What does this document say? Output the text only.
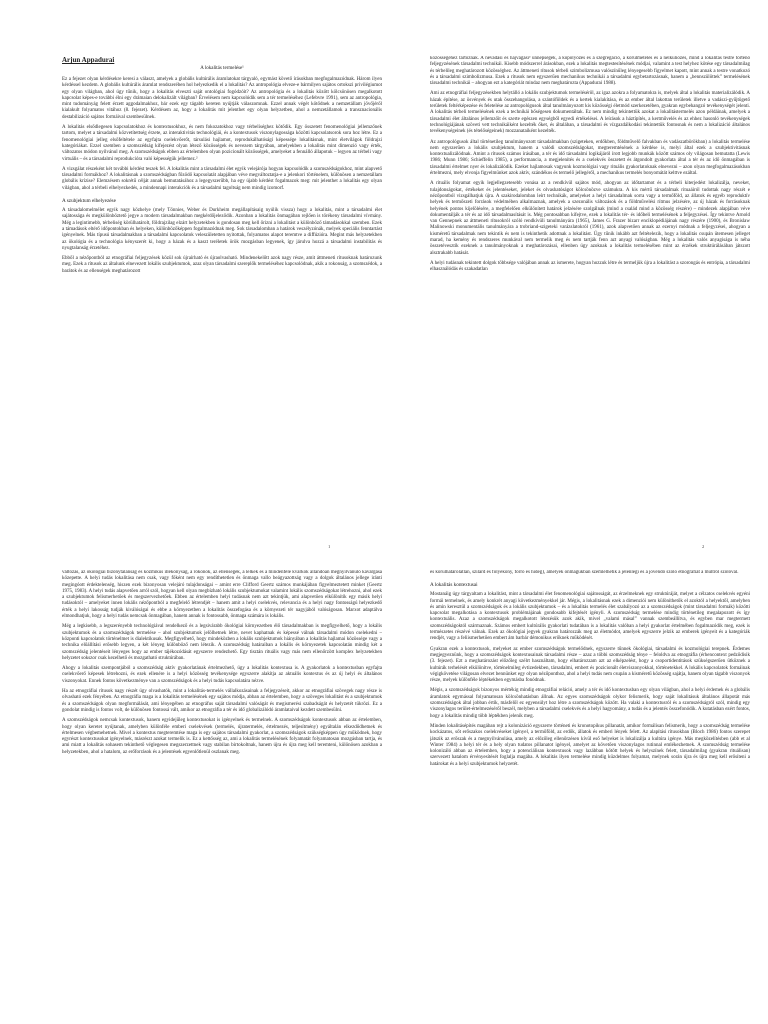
Arjun Appadurai
A lokalitás termelése¹
Ez a fejezet olyan kérdésekre keresi a választ, amelyek a globális kultúrális áramlatokat tárgyaló, egymást követő írásokban megfogalmazódnak. Három ilyen kérdéssel kezdem. A globális kultúrális áramlat rendszerében hol helyezkedik el a lokalitás? Az antropológia elveze-e bármilyen sajátos ortokszi privilégiumot egy olyan világban, ahol úgy tűnik, hogy a lokalitás elveszti saját ontológiai fogódzóit? Az antropológia és a lokalitás között kölcsönösen megalkotott kapcsolat képes-e további élni egy drámaian delokalizált világban? Érvelésem nem kapcsolódik sem a tér termeléséhez (Lefebvre 1991), sem az antropológia, mint tudományág felett érzett aggodalmakhoz, bár ezek egy tágabb kereten nyújtják válaszomnak. Ezzel annak végét kötődnek a nemzetállam jövőjéről kialakult folyamatos vitához (8. fejezet). Kérdésem az, hogy a lokalitás mit jelenthet egy olyan helyzetben, ahol a nemzetállamok a transznacionális destabilizáció sajátos formáival szembesülnek.
A lokalitás elsődlegesen kapcsolatokhoz és kontextusokhoz, és nem fokozatokhoz vagy térbeliséghez kötődik. Egy összetett fenomenológiai jellemzőnek tartom, melyet a társadalmi közvetítettség érzete, az interaktivitás technológiái, és a kontextusok viszonylagossága közötti kapcsolatsorok sora hoz létre. Ez a fenomenológiai jelleg elsőfeltétele az egyfajta cselekvőerőt, társulási hajlamot, reprodukálhatósági képessége lokalitásnak, mint életvilágok földrajzi kategóriákat. Ezzel szemben a szomszédság kifejezést olyan létező közösségek és nevezem tárgyában, amelyekben a lokalitás mint dimenzió vagy érték, változatos módon nyilvánul meg. A szomszédságok ebben az értelemben olyan pozicionált közösségek, amelyeket a fennálló állapotuk – legyen az térbeli vagy virtuális – és a társadalmi reprodukcióra való képességük jellemez.²
A vizsgálat részeként két további kérdést teszek fel. A lokalitás mint a társadalmi élet egyik velejárója hogyan kapcsolódik a szomszédságokhoz, mint alapvető társadalmi formákhoz? A lokalitásnak a szomszédságban főzödő kapcsolatát alapjában véve megváltoztatja-e a jelenkori történelem, különösen a nemzetállam globális krízise? Elemzésem sokrétű célját annak bemutatásához a legegyszerűbb, ha egy újabb kérdést fogalmazok meg: mit jelenthet a lokalitás egy olyan világban, ahol a térbeli elhelyezkedés, a mindennapi interakciók és a társadalmi tagoltság nem mindig izomorf.
A szubjektum elhelyezése
A társadalomelmélet egyik nagy közhelye (mely Tönnies, Weber és Durkheim megállapításaig nyúlik vissza) hogy a lokalitás, mint a társadalmi élet sajátossága és megkülönböztető jegye a modern társadalmakban megkérdőjeleződik. Azonban a lokalitás önmagában rejlően is törékeny társadalmi vívmány. Még a legintimebb, térbeliség körülhatárolt, földrajzilag elzárt helyzetekben is gondosan meg kell őrizni a lokalitást a különböző támadásokkal szemben. Ezek a támadások eltérő időpontokban és helyeken, különbözőképpen fogalmazódnak meg. Sok társadalomban a határok veszélyzónák, melyek speciális fenntartást igényelnek. Más típusú társadalmakban a társadalmi kapcsolatok veleszületetten nyitottak, folyamatos alapot teremtve a diffúzióra. Megint más helyzetekben az ökológia és a technológia kényszerét ki, hogy a házak és a kaszt teréletek örök mozgásban legyenek, így járulva hozzá a társadalmi instabilitás és nyugtalanság érzetéhez.
Ebből a nézőpontból az etnográfiai feljegyzések közül sok újraírható és újraolvasható. Mindenekelőtt azok nagy része, amit áttmeneti rítusoknak határozunk meg. Ezek a rítusok az általunk elnevezett lokális szubjektumok, azaz olyan társadalmi szereplők termeléséhez kapcsolódnak, akik a rokonság, a szomszédok, a barátok és az ellenségek meghatározott
1
közösségéhez tartoznak. A névadási és hajvágási³ ünnepségek, a köpölyözés és a szegregáció, a körülmetélés és a nélküliözés, mind a lokalitás testre történő feljegyzésének társadalmi technikái. Kisebb módszerrel árásokban, ezek a lokalitás megtestesítésének módjai, valamint a test helyhez kötése egy társadalmilag és térbelileg meghatározott közösséghez. Az áttmeneti rítusok térbeli szimbolizmusa valószínűleg lényegesebb figyelmet kapott, mint annak a testre vonatkozó és a társadalmi szimbolizmusa. Ezek a rítusok nem egyszerűen mechanikus technikái a társadalmi egybetartozásnak, hanem a „bennszülöttek” termelésének társadalmi technikái – ahogyan ezt a kategóriát mindaz nem meghatározta (Appadurai 1988).
Ami az etnográfiai feljegyzésekben helytálló a lokális szubjektumok termelésérôl, az igaz azokra a folyamatokra is, melyek által a lokalitás materializálódik. A házak építése, az ösvények és utak összehangolása, a szántóföldek és a kertek kialakítása, és az ember által lakottan területek illetve a vadászi-gyűjtögető területek feltérképezése és feletelése az antropológusok által tanulmányozott kis közösségi életmód szerkezetében, gyakran egybehangzó tevékenységét jelenti. A lokalitás térbeli termelésének ezek a technikái bőségesen dokumentáltak. Ez nem mindig tekintettük azokat a lokalitástermelés azon példáinak, amelyek a társadalmi élet általános jellemzőit és szerte egészen egységből egyedi értékelései. A leírások a háztípítés, a kertművelés és az ehhez hasonló tevékenységek technológiájának szöveti vett technikáiként kezelték őket, és általában, a társadalmi és vízgazdálkodási tekintettük fontosnak és nem a lokalizáció általános tevékenységeinek (és tételőségeinek) mozzanataiként kezelték.
Az antropológusok által történetileg tanulmányozott társadalmakban (szigeteken, erdőkben, földművelő falvakban és vadászatbörökban) a lokalitás termelése nem egyszerűen a lokális szubjektum, hanem a valódi szomszédságokat, megteremtésének a kérdése is, melyi által ezek a szubjektivitásnak kontextualizálódnak. Amint a rítusok számos írásában, a tér és idő társadalmi logikájáról írott legjobb munkák között számos oly világosan bemutatta (Lewis 1986; Munn 1986; Schieffelin 1985), a performancia, a megjelenítés és a cselekvés összetett és átgondolt gyakorlata által a tér és az idő önmagában is társadalmi értelmet nyer és lokalizálódik. Ezeket hajlamosak vagyunk kozmológiai vagy rituális gyakorlatoknak elnevezni – azon olyan megfogalmazásokban értelmezni, mely elvonja figyelmünket azok aktív, szándékos és termelő jellegéről, a mechanikus termelés bonyomátát kelttve ezáltal.
A rituális folyamat egyik legjellegzetesebb vonása az a rendkívül sajátos mód, ahogyan az időtartamot és a térbeli kiterjedést lokalizálja, neveket, tulajdonságokat, értékeket és jelentéseket, jeleket és olvashatóságot kölcsönözve számukra. A kis mértű társadalmak rituaáiról tudottak nagy részét e nézőpontból vizsgálhatjuk újra. A szakirodalomban leírt technikák, amelyeket a helyi társadalmak sorra vagy a termőföld, az állatok és egyéb reproduktív helyek és termőszeti források védelmében alkalmaznak, amelyek a szezonális változások és a földművelési rítmus jelzésére, az új házak és forrásoknak helyének pontos kijelölésére, a megfelelően elkülönített határok jelzésére szolgálnak (mind a család mind a közösség részére) – mindezek alapjában véve dokumentálják a tér és az idő társadalmasítását is. Még pontosabban kifejtve, ezek a lokalitás tér- és időbeli termelésének a feljegyzései. Így tekintve Arnold van Gennepnek az áttmeneti rítusokról szóló rendkívüli tanulmányára (1965), James G. Frazer bizarr enciklopédiájának nagy részére (1900), és Bronislaw Malinowski monumentális tanulmányára a trobriand-szigeteki varázslatokról (1961), azok alapvetően annak az ezernyi módnak a feljegyzései, ahogyan a kisméretű társadalmak nem tekintik és nem is tekinthetik adottnak a lokalitást. Úgy tűnik inkább azt feltételezik, hogy a lokalitás csupán ütemesen jelleget marad, ha kemény és rendszeres munkával nem termelik meg és nem tartják fenn azt anyagi valóságban. Még a lokalitás valós anyagisága is néha összetévesztik ezeknek a tanulmányoknak a meghatározásai, ellenben úgy azoknak a lokalitás termelésében mint az érzékek struktúrálásában játszott alsztrakabb hatását.
A helyi tudásnak tekintett dolgok többsége valójában annak az ismerete, hogyan hozzuk létre és termeljük újra a lokalitást a szorongás és entrópia, a társadalmi elhasználódás és szakadatlan
2
változás, az ökológiai bizonytalanság és kozmikus illékonyság, a rokonok, az ellenségek, a lelkek és a mindenféle kvarkok állandóan megnyilvánuló kavargása közepette. A helyi tudás lokalitása nem csak, vagy főként nem egy rendíthetetlen és önmaga vallo beágyazottság vagy a dolgok általános jellege iránti megingóott érdektelenség, hiszen ezek bizonyosan velejáró tulajdonságai – amint erre Clifford Geertz számos munkájában figyelmeztetett minket (Geertz 1975, 1983). A helyi tudás alapvetően arról szól, hogyan kell olyan megbízható lokális szubjektumokat valamint lokális szomszédságokat létrehozni, ahol ezek a szubjektumok felismerhetőek és megszervezhetőek. Ebben az értelemben helyi tudásnak nem azt tekintjük, ami alapvetően elkülönítik egy másik helyi tudásoktól – amelyeket innen lokális nézőpontból a megfelelő létrendjét – hanem amit a helyi cselekvés, relevancia és a helyi nagy fontosságú helyezkedő érték a helyi lakosság tudják kiválóságai és ebbe a környezetben a lokalitás összefogása és a környezeti tér nagyjából valóságosan. Marxot adaptálva elmondhatjuk, hogy a helyi tudás nemcsak önmagában, hanem annak is fontossabb, önmaga számára is lokális.
Még a legkisebb, a legszerényebb technológiával rendelkező és a legsivárabb ökológiai környezetben élő társadalmakban is megfigyelhető, hogy a lokális szubjektumok és a szomszédságok termelése – ahol szubjektumok jelölhetnek létre, nevet kaphatnak és képessé válnak társadalmi módon cselekedni – központi kapcsolatok történelmet is dialektikusak. Megfigyelhető, hogy mindeközben a lokális szubjektumok hiányában a lokalitás hajlamai közössége vagy a technika előállítási erősebb legyen, a két lényeg különböző nem létezik. A szomszédság határaiban a lokális és környezetek kapcsolatán mindig két a szomszédság jelentéseit lényeges hogy az ember tájékozódását egyszerre rendezhető. Egy tisztán rituális vagy más nem ellenőrzött komplex helyzetekben helyzetet sokszor csak kezelhető és mozgatható struktúrában.
Ahogy a lokalitás szempontjából a szomszédság aktív gyakorlatának értelmezhető, úgy a lokalitás kontextusa is. A gyakorlatok a kontextusban egyfajta cselekvőerő képesek létrehozni, és ezek ellenére is a helyi közösség tevékenysége egyszerre alakítja az aktuális kontextus és az új helyi és általános viszonyokat. Ennek fontos következménye van a szomszédságok és a helyi tudás kapcsolatára nézve.
Ha az etnográfiai rítusok nagy részét úgy olvashatók, mint a lokalitás-termelés vállalkozásainak a feljegyzéseit, akkor az etnográfiai szövegek nagy része is olvasható ezek fényében. Az etnográfia maga is a lokalitás termelésének egy sajátos módja, abban az értelemben, hogy a szöveges lokalitást és a szubjektumok és a szomszédságok olyan megformálását, ami lényegében az etnográfus saját társadalmi valóságát és megismerési szabadságát és helyzetét tükrözi. Ez a gondolat mindig is fontos volt, de különösen fontossá vált, amikor az etnográfia a tér és idő globalizálódó áramlataival kezdett szembesülni.
A szomszédságok nemcsak kontextusok, hanem egyidejűleg kontextusokat is igényelnek és termelnek. A szomszédságok kontextusok abban az értelemben, hogy olyan keretet nyújtanak, amelyben különféle emberi cselekvések (termelés, újratermelés, értelmezés, teljesítmény) egyáltalán elkezdődhetnek és értelmesen végbemehetnek. Mivel a kontextus megteremtése maga is egy sajátos társadalmi gyakorlat, a szomszédságok szükségképpen úgy működnek, hogy egyrészt kontextusokat igényelnek, másrészt azokat termelik is. Ez a kettősség az, ami a lokalitás termelésének folyamatát folyamatosan mozgásban tartja, és ami miatt a lokalitás sohasem tekinthető véglegesen megszerzettnek vagy stabilan birtokoltnak, hanem újra és újra meg kell teremteni, különösen azokban a helyzetekben, ahol a hatalom, az erőforrások és a jelentések egyenlőtlenül oszlanak meg.
és körülhatárolatlan, szilárd és folyékony, forró és hideg), amelyek önmagukban szemlélhetik a jelenlegi és a jövendő szóló etnográfiát a múltról szólóval.
A lokalitás kontextusai
Mostanáig úgy tárgyaltam a lokalitást, mint a társadalmi élet fenomenológiai sajátosságát, az érzelmeknek egy struktúráját, melyet a célzatos cselekvés egyéni formái termelnek, és amely konkrét anyagi következményekkel jár. Mégis, a lokalitásnak ezek a dimenziói nem különíthetők el azoktól a helyektől, amelyben és amin keresztül a szomszédságok és a lokális szubjektumok – és a lokalitás termelés élet szabályozó az a szomszédságok (mint társadalmi formák) közötti kapcsolat megalkotása a kontextusok problémájának gondosabb kifejtését igényli. A szomszédság termelése mindig történetileg megalapozott és így kontextuális. Azaz a szomszédságok megalkotott létezésük azok akik, mivel „valami másal” vannak szembeállítva, és egyben mar megtermett szomszédságoktól származnak. Számos embert kultúrális gyakorlati tudatában is a lokalitás valóban a helyi gyakorlat értelmében fogalmazódik meg, ezek is természetes részévé válnak. Ezek az ökológiai jegyek gyakran határozzák meg az életmódot, amelyek egyszerre jelzik az emberek igényeit és a kategóriák rendjét, vagy a feliismerhetően embert ám barbár démonikus erőknek működését.
Gyakran ezek a kontextusok, melyeket az ember szomszédságok termelődnek, egyszerre tűnnek ökológiai, társadalmi és kozmológiai terepnek. Érdemes megjegyeznünk, hogy a szomszédságok kontextusainak társadalmi része – azaz a többi szomszédság ténye – feloldva az etnográfia (érhencontext pedződisik (3. fejezet). Ezt a meghatározást előzőleg szélrt használtam, hogy elhatározzam azt az elképzelést, hogy a csoportidentitások szükségszerűen ütköznek a kultúrák terhelését elkülönítve, történelmileg évtizedekben, társadalmi, embert és pozicionált életviszonyokkal, történetekkel. A lokális kapcsolatok formáinak végigkövetése világosan elvezet bennünket egy olyan nézőponthoz, ahol a helyi tudás nem csupán a kisméretű közösség sajátja, hanem olyan tágabb viszonyok része, melyek különféle léptékekben egymásba fonódnak.
Mégis, a szomszédságok bizonyos mértékig mindig etnográfiai reláció, amely a tér és idő kontextusban egy olyan világban, ahol a helyi érdemek és a globális áramlatok egymással folyamatosan kölcsönhatásban állnak. Az egyes szomszédságok olykor felismerik, hogy saját lokalitásuk általános állapotát más szomszédságok által jobban értik, másfelől ez egyensúlyt hoz létre a szomszédságok között. Ha valaki a kontextusról és a szomszédságról szól, mindig egy viszonylagos terület-értelmezéséről beszél, melyben a társadalmi cselekvés és a helyi hagyomány, a tudás és a jelentés összefonódik. A kutatásban ezért fontos, hogy a lokalitás mindig több léptékben jelenik meg.
Minden lokalitásépítés magában rejt a kolonizáció egyszerre történeti és kronotopikus pillanatát, amikor formálisan felismerik, hogy a szomszédság termelése kockázatos, sőt erőszakos cselekvéseket igényel, a termőföld, az erdők, állatok és emberi lények felett. Az alapítási rítusokban (Bloch 1986) fontos szerepet játszik az erőszak és a megnyilvánulása, amely az előzőleg ellenőrzésen kívül eső helyeket is lokalizálja a kultúra igénye. Más megközelítésben (abb et al Winter 1984) a helyi tér és a hely olyan tudatos pillanatot igényel, amelyet az követően viszonylagos rutinnal emlékezhetnek. A szomszédság termelése kolonizáló abban az értelemben, hogy a potenciálisan kontextusok vagy lazábban kötött helyek és helyszínek felett, társadalmilag (gyakran rituálisan) szervezett hatalom érvényesítését foglalja magába. A lokalitás ilyen termelése mindig küzdelmes folyamat, melynek során újra és újra meg kell erősíteni a határokat és a helyi szubjektumok helyzetét.
